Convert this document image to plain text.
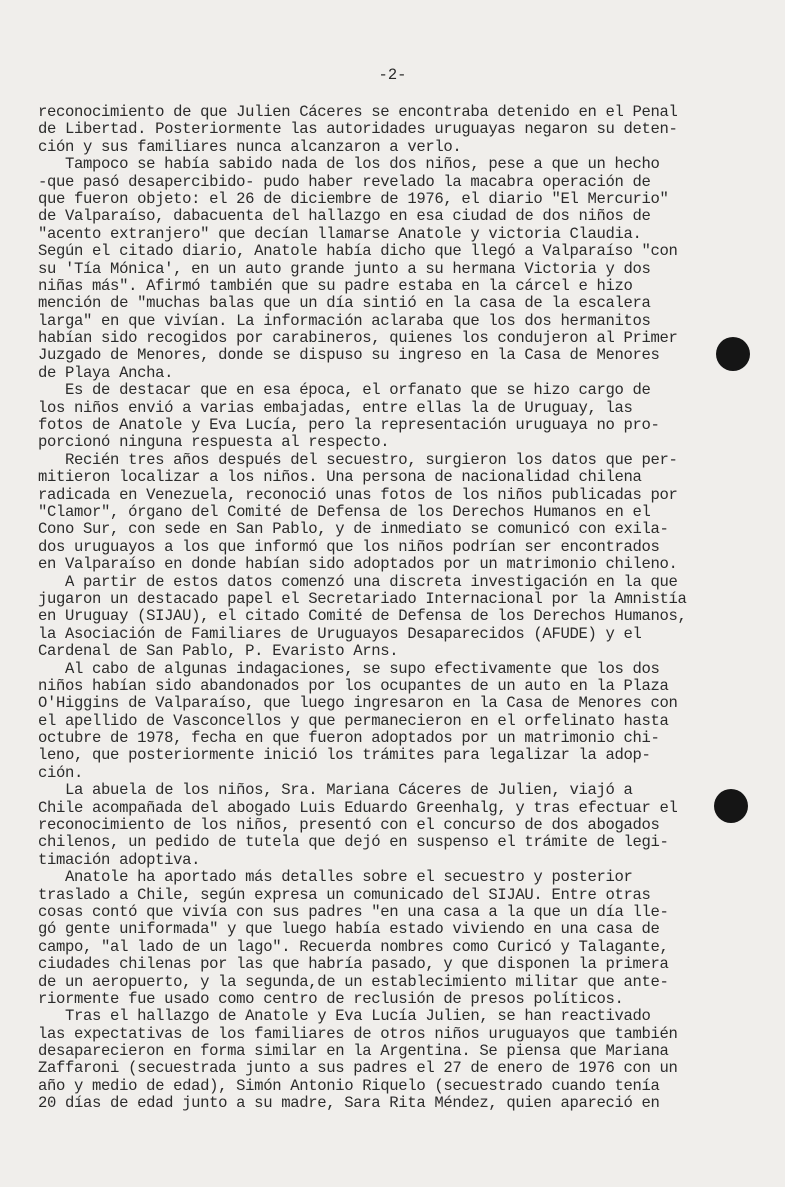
-2-
reconocimiento de que Julien Cáceres se encontraba detenido en el Penal
de Libertad. Posteriormente las autoridades uruguayas negaron su deten-
ción y sus familiares nunca alcanzaron a verlo.
Tampoco se había sabido nada de los dos niños, pese a que un hecho
-que pasó desapercibido- pudo haber revelado la macabra operación de
que fueron objeto: el 26 de diciembre de 1976, el diario "El Mercurio"
de Valparaíso, dabacuenta del hallazgo en esa ciudad de dos niños de
"acento extranjero" que decían llamarse Anatole y victoria Claudia.
Según el citado diario, Anatole había dicho que llegó a Valparaíso "con
su 'Tía Mónica', en un auto grande junto a su hermana Victoria y dos
niñas más". Afirmó también que su padre estaba en la cárcel e hizo
mención de "muchas balas que un día sintió en la casa de la escalera
larga" en que vivían. La información aclaraba que los dos hermanitos
habían sido recogidos por carabineros, quienes los condujeron al Primer
Juzgado de Menores, donde se dispuso su ingreso en la Casa de Menores
de Playa Ancha.
Es de destacar que en esa época, el orfanato que se hizo cargo de
los niños envió a varias embajadas, entre ellas la de Uruguay, las
fotos de Anatole y Eva Lucía, pero la representación uruguaya no pro-
porcionó ninguna respuesta al respecto.
Recién tres años después del secuestro, surgieron los datos que per-
mitieron localizar a los niños. Una persona de nacionalidad chilena
radicada en Venezuela, reconoció unas fotos de los niños publicadas por
"Clamor", órgano del Comité de Defensa de los Derechos Humanos en el
Cono Sur, con sede en San Pablo, y de inmediato se comunicó con exila-
dos uruguayos a los que informó que los niños podrían ser encontrados
en Valparaíso en donde habían sido adoptados por un matrimonio chileno.
A partir de estos datos comenzó una discreta investigación en la que
jugaron un destacado papel el Secretariado Internacional por la Amnistía
en Uruguay (SIJAU), el citado Comité de Defensa de los Derechos Humanos,
la Asociación de Familiares de Uruguayos Desaparecidos (AFUDE) y el
Cardenal de San Pablo, P. Evaristo Arns.
Al cabo de algunas indagaciones, se supo efectivamente que los dos
niños habían sido abandonados por los ocupantes de un auto en la Plaza
O'Higgins de Valparaíso, que luego ingresaron en la Casa de Menores con
el apellido de Vasconcellos y que permanecieron en el orfelinato hasta
octubre de 1978, fecha en que fueron adoptados por un matrimonio chi-
leno, que posteriormente inició los trámites para legalizar la adop-
ción.
La abuela de los niños, Sra. Mariana Cáceres de Julien, viajó a
Chile acompañada del abogado Luis Eduardo Greenhalg, y tras efectuar el
reconocimiento de los niños, presentó con el concurso de dos abogados
chilenos, un pedido de tutela que dejó en suspenso el trámite de legi-
timación adoptiva.
Anatole ha aportado más detalles sobre el secuestro y posterior
traslado a Chile, según expresa un comunicado del SIJAU. Entre otras
cosas contó que vivía con sus padres "en una casa a la que un día lle-
gó gente uniformada" y que luego había estado viviendo en una casa de
campo, "al lado de un lago". Recuerda nombres como Curicó y Talagante,
ciudades chilenas por las que habría pasado, y que disponen la primera
de un aeropuerto, y la segunda,de un establecimiento militar que ante-
riormente fue usado como centro de reclusión de presos políticos.
Tras el hallazgo de Anatole y Eva Lucía Julien, se han reactivado
las expectativas de los familiares de otros niños uruguayos que también
desaparecieron en forma similar en la Argentina. Se piensa que Mariana
Zaffaroni (secuestrada junto a sus padres el 27 de enero de 1976 con un
año y medio de edad), Simón Antonio Riquelo (secuestrado cuando tenía
20 días de edad junto a su madre, Sara Rita Méndez, quien apareció en
